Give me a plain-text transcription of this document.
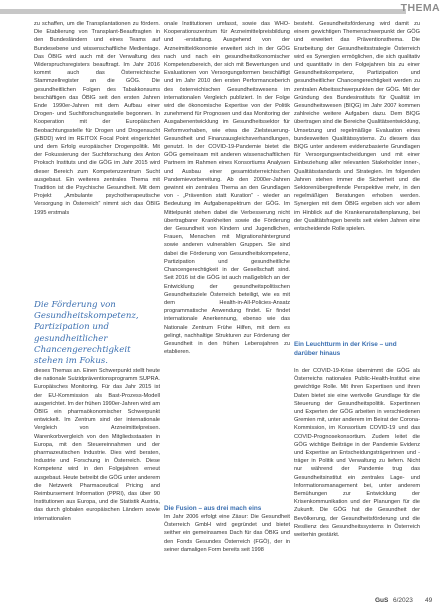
THEMA

zu schaffen, um die Transplantationen zu fördern. Die Etablierung von Transplant-Beauftragten in den Bundesländern und eines Teams auf Bundesebene und wissenschaftliche Medientage. Das ÖBIG wird auch mit der Verwaltung des Widerspruchsregisters beauftragt. Im Jahr 2016 kommt auch das Österreichische Stammzellregister an die GÖG. Die gesundheitlichen Folgen des Tabakkonsums beschäftigen das ÖBIG seit den ersten Jahren Ende 1990er-Jahren mit dem Aufbau einer Drogen- und Suchtforschungsstelle begonnen. In Kooperation mit der Europäischen Beobachtungsstelle für Drogen und Drogensucht (EBDD) wird im REITOX Focal Point eingerichtet und dem Erfolg europäischer Drogenpolitik. Mit der Fokussierung der Suchtforschung des Anton Proksch Instituts und die GÖG im Jahr 2015 wird dieser Bereich zum Kompetenzzentrum Sucht ausgebaut. Ein weiteres zentrales Thema mit Tradition ist die Psychische Gesundheit. Mit dem Projekt „Ambulante psychotherapeutische Versorgung in Österreich“ nimmt sich das ÖBIG 1995 erstmals

Die Förderung von Gesundheitskompetenz, Partizipation und gesundheitlicher Chancengerechtigkeit stehen im Fokus.

dieses Themas an. Einen Schwerpunkt stellt heute die nationale Suizidpräventionsprogramm SUPRA. Europäisches Monitoring. Für das Jahr 2015 ist der EU-Kommission als Bast-Prozess-Modell ausgerichtet. Im der frühen 1990er-Jahren wird am ÖBIG ein pharmaökonomischer Schwerpunkt entwickelt. Im Zentrum sind der internationale Vergleich von Arzneimittelpreisen. Warenkorbvergleich von den Mitgliedsstaaten in Europa, mit den Steuereinnahmen und der pharmazeutischen Industrie. Dies wird beraten, Industrie und Forschung in Österreich. Diese Kompetenz wird in den Folgejahren erneut ausgebaut. Heute betreibt die GÖG unter anderem die Netzwerk Pharmaceutical Pricing and Reimbursement Information (PPRI), das über 90 Institutionen aus Europa, und die Statistik Austria, das durch globalen europäischen Ländern sowie internationalen

onale Institutionen umfasst, sowie das WHO-Kooperationszentrum für Arzneimittelpreisbildung und -erstattung. Ausgehend von der Arzneimittelökonomie erweitert sich in der GÖG nach und nach ein gesundheitsökonomischer Kompetenzbereich, der sich mit Bewertungen und Evaluationen von Versorgungsformen beschäftigt und im Jahr 2010 den ersten Performanceberich des österreichischen Gesundheitswesens im internationalen Vergleich publiziert. In der Folge wird die ökonomische Expertise von der Politik zunehmend für Prognosen und das Monitoring der Ausgabenentwicklung im Gesundheitssektor für Reformvorhaben, wie etwa die Zielsteuerung-Gesundheit und Finanzausgleichsverhandlungen, genutzt. In der COVID-19-Pandemie bietet die GÖG gemeinsam mit anderen wissenschaftlichen Partnern im Rahmen eines Konsortiums Analysen und Ausbau einer gesamtösterreichischen Pandemievorbereitung. Ab den 2000er-Jahren gewinnt ein zentrales Thema an den Grundlagen von - „Prävention statt Kuration“ - wieder an Bedeutung im Aufgabenspektrum der GÖG. Im Mittelpunkt stehen dabei die Verbesserung nicht übertragbarer Krankheiten sowie die Förderung der Gesundheit von Kindern und Jugendlichen, Frauen, Menschen mit Migrationshintergrund sowie anderen vulnerablen Gruppen. Sie sind dabei die Förderung von Gesundheitskompetenz, Partizipation und gesundheitliche Chancengerechtigkeit in der Gesellschaft sind. Seit 2016 ist die GÖG ist auch maßgeblich an der Entwicklung der gesundheitspolitischen Gesundheitsziele Österreich beteiligt, wie es mit dem Health-in-All-Policies-Ansatz programmatische Anwendung findet. Er findet internationale Anerkennung, ebenso wie das Nationale Zentrum Frühe Hilfen, mit dem es gelingt, nachhaltige Strukturen zur Förderung der Gesundheit in den frühen Lebensjahren zu etablieren.

Die Fusion – aus drei mach eins

Im Jahr 2006 erfolgt eine Zäsur: Die Gesundheit Österreich GmbH wird gegründet und bietet seither ein gemeinsames Dach für das ÖBIG und den Fonds Gesundes Österreich (FGÖ), der in seiner damaligen Form bereits seit 1998

besteht. Gesundheitsförderung wird damit zu einem gewichtigen Themenschwerpunkt der GÖG und erweitert das Präventionsthema. Die Erarbeitung der Gesundheitsstrategie Österreich wird es Synergien ermöglichen, die sich qualitativ und quantitativ in den Folgejahren bis zu einer Gesundheitskompetenz, Partizipation und gesundheitlicher Chancengerechtigkeit werden zu zentralen Arbeitsschwerpunkten der GÖG. Mit der Gründung des Bundesinstituts für Qualität im Gesundheitswesen (BIQG) im Jahr 2007 kommen zahlreiche weitere Aufgaben dazu. Dem BIQG übertragen sind die Bereiche Qualitätsentwicklung, Umsetzung und regelmäßige Evaluation eines bundesweiten Qualitätssystems. Zu diesem das BIQG unter anderem evidenzbasierte Grundlagen für Versorgungsentscheidungen und mit einer Einbeziehung aller relevanten Stakeholder inner-, Qualitätsstandards und Strategien. Im folgenden Jahren stehen immer die Sicherheit und die Sektorenübergreifende Perspektive mehr, in den regelmäßigen Beratungen erhoben werden. Synergien mit dem ÖBIG ergeben sich vor allem im Hinblick auf die Krankenanstaltenplanung, bei der Qualitätsfragen bereits seit vielen Jahren eine entscheidende Rolle spielen.

Ein Leuchtturm in der Krise – und darüber hinaus

In der COVID-19-Krise übernimmt die GÖG als Österreichs nationales Public-Health-Institut eine gewichtige Rolle. Mit ihren Expertisen und ihren Daten bietet sie eine wertvolle Grundlage für die Steuerung der Gesundheitspolitik. Expertinnen und Experten der GÖG arbeiten in verschiedenen Gremien mit, unter anderem im Beirat der Corona-Kommission, im Konsortium COVID-19 und das COVID-Prognosekonsortium. Zudem leitet die GÖG wichtige Beiträge in der Pandemie Evidenz und Expertise an Entscheidungsträgerinnen und -träger in Politik und Verwaltung zu liefern. Nicht nur während der Pandemie trug das Gesundheitsinstitut ein zentrales Lage- und Informationsmanagement bei, unter anderem Bemühungen zur Entwicklung der Krisenkommunikation und der Planungen für die Zukunft. Die GÖG hat die Gesundheit der Bevölkerung, der Gesundheitsförderung und die Resilienz des Gesundheitssystems in Österreich weiterhin gestärkt.

GuS 6/2023 49
